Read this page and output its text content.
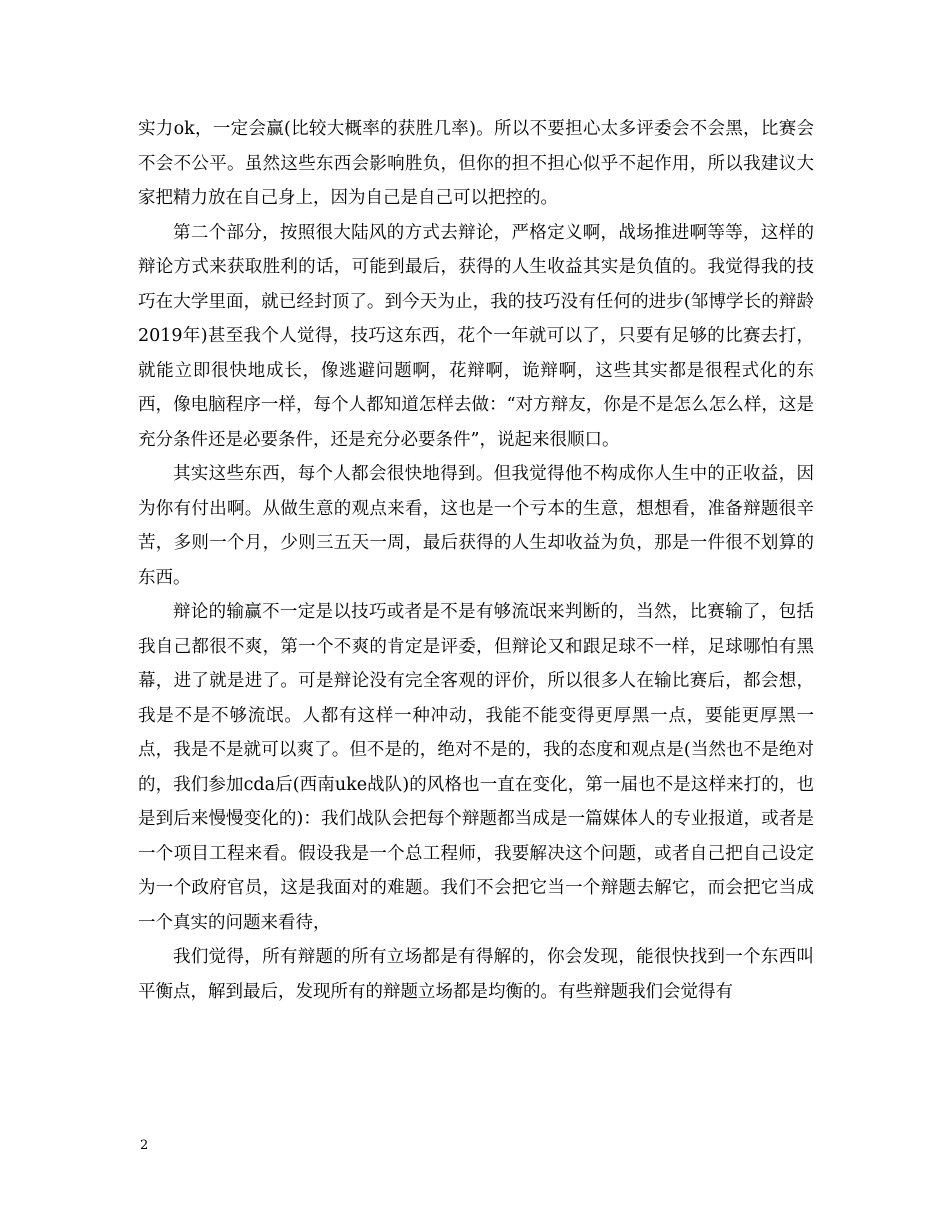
实力ok，一定会赢(比较大概率的获胜几率)。所以不要担心太多评委会不会黑，比赛会不会不公平。虽然这些东西会影响胜负，但你的担不担心似乎不起作用，所以我建议大家把精力放在自己身上，因为自己是自己可以把控的。

第二个部分，按照很大陆风的方式去辩论，严格定义啊，战场推进啊等等，这样的辩论方式来获取胜利的话，可能到最后，获得的人生收益其实是负值的。我觉得我的技巧在大学里面，就已经封顶了。到今天为止，我的技巧没有任何的进步(邹博学长的辩龄2019年)甚至我个人觉得，技巧这东西，花个一年就可以了，只要有足够的比赛去打，就能立即很快地成长，像逃避问题啊，花辩啊，诡辩啊，这些其实都是很程式化的东西，像电脑程序一样，每个人都知道怎样去做：“对方辩友，你是不是怎么怎么样，这是充分条件还是必要条件，还是充分必要条件”，说起来很顺口。

其实这些东西，每个人都会很快地得到。但我觉得他不构成你人生中的正收益，因为你有付出啊。从做生意的观点来看，这也是一个亏本的生意，想想看，准备辩题很辛苦，多则一个月，少则三五天一周，最后获得的人生却收益为负，那是一件很不划算的东西。

辩论的输赢不一定是以技巧或者是不是有够流氓来判断的，当然，比赛输了，包括我自己都很不爽，第一个不爽的肯定是评委，但辩论又和跟足球不一样，足球哪怕有黑幕，进了就是进了。可是辩论没有完全客观的评价，所以很多人在输比赛后，都会想，我是不是不够流氓。人都有这样一种冲动，我能不能变得更厚黑一点，要能更厚黑一点，我是不是就可以爽了。但不是的，绝对不是的，我的态度和观点是(当然也不是绝对的，我们参加cda后(西南uke战队)的风格也一直在变化，第一届也不是这样来打的，也是到后来慢慢变化的)：我们战队会把每个辩题都当成是一篇媒体人的专业报道，或者是一个项目工程来看。假设我是一个总工程师，我要解决这个问题，或者自己把自己设定为一个政府官员，这是我面对的难题。我们不会把它当一个辩题去解它，而会把它当成一个真实的问题来看待，

我们觉得，所有辩题的所有立场都是有得解的，你会发现，能很快找到一个东西叫平衡点，解到最后，发现所有的辩题立场都是均衡的。有些辩题我们会觉得有

2
